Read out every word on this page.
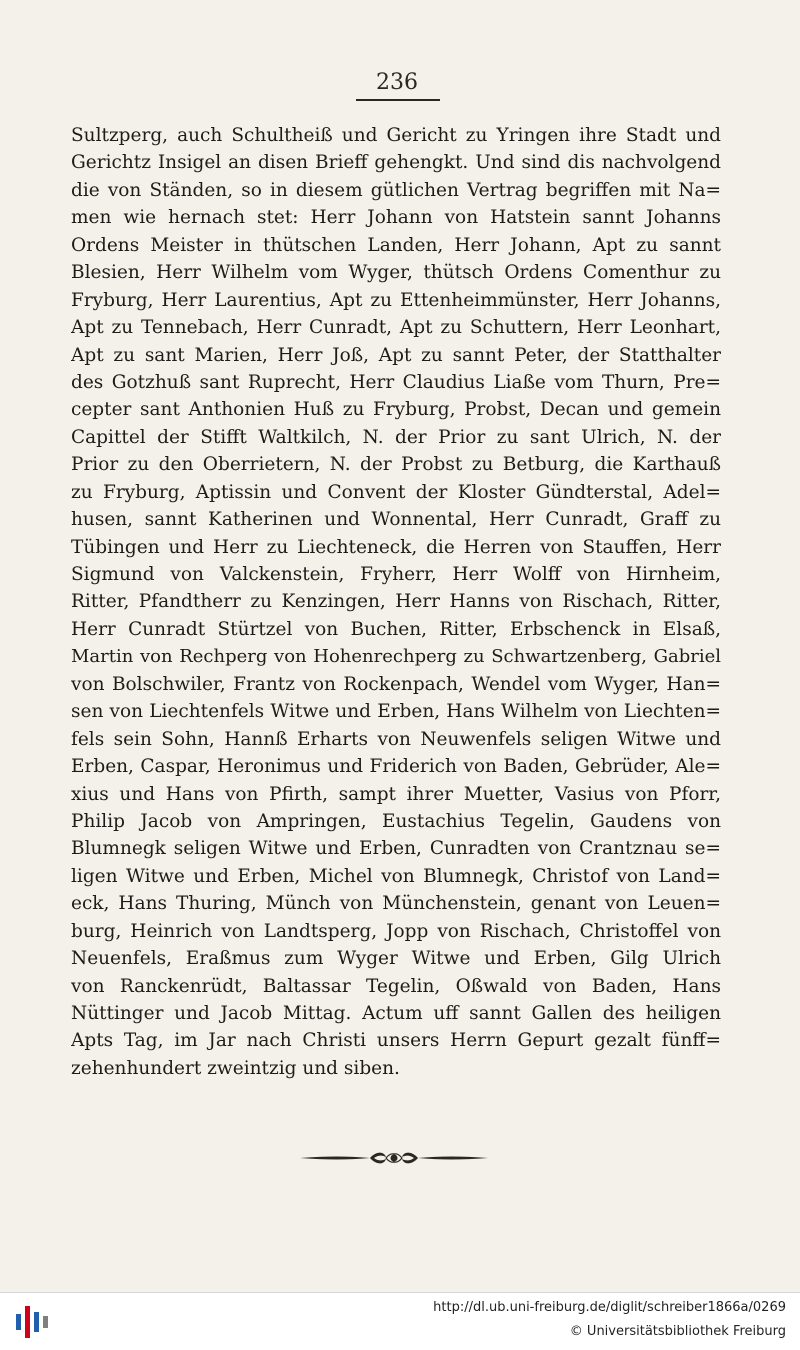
236
Sultzperg, auch Schultheiß und Gericht zu Yringen ihre Stadt und
Gerichtz Insigel an disen Brieff gehengkt. Und sind dis nachvolgend
die von Ständen, so in diesem gütlichen Vertrag begriffen mit Na=
men wie hernach stet: Herr Johann von Hatstein sannt Johanns
Ordens Meister in thütschen Landen, Herr Johann, Apt zu sannt
Blesien, Herr Wilhelm vom Wyger, thütsch Ordens Comenthur zu
Fryburg, Herr Laurentius, Apt zu Ettenheimmünster, Herr Johanns,
Apt zu Tennebach, Herr Cunradt, Apt zu Schuttern, Herr Leonhart,
Apt zu sant Marien, Herr Joß, Apt zu sannt Peter, der Statthalter
des Gotzhuß sant Ruprecht, Herr Claudius Liaße vom Thurn, Pre=
cepter sant Anthonien Huß zu Fryburg, Probst, Decan und gemein
Capittel der Stifft Waltkilch, N. der Prior zu sant Ulrich, N. der
Prior zu den Oberrietern, N. der Probst zu Betburg, die Karthauß
zu Fryburg, Aptissin und Convent der Kloster Gündterstal, Adel=
husen, sannt Katherinen und Wonnental, Herr Cunradt, Graff zu
Tübingen und Herr zu Liechteneck, die Herren von Stauffen, Herr
Sigmund von Valckenstein, Fryherr, Herr Wolff von Hirnheim,
Ritter, Pfandtherr zu Kenzingen, Herr Hanns von Rischach, Ritter,
Herr Cunradt Stürtzel von Buchen, Ritter, Erbschenck in Elsaß,
Martin von Rechperg von Hohenrechperg zu Schwartzenberg, Gabriel
von Bolschwiler, Frantz von Rockenpach, Wendel vom Wyger, Han=
sen von Liechtenfels Witwe und Erben, Hans Wilhelm von Liechten=
fels sein Sohn, Hannß Erharts von Neuwenfels seligen Witwe und
Erben, Caspar, Heronimus und Friderich von Baden, Gebrüder, Ale=
xius und Hans von Pfirth, sampt ihrer Muetter, Vasius von Pforr,
Philip Jacob von Ampringen, Eustachius Tegelin, Gaudens von
Blumnegk seligen Witwe und Erben, Cunradten von Crantznau se=
ligen Witwe und Erben, Michel von Blumnegk, Christof von Land=
eck, Hans Thuring, Münch von Münchenstein, genant von Leuen=
burg, Heinrich von Landtsperg, Jopp von Rischach, Christoffel von
Neuenfels, Eraßmus zum Wyger Witwe und Erben, Gilg Ulrich
von Ranckenrüdt, Baltassar Tegelin, Oßwald von Baden, Hans
Nüttinger und Jacob Mittag. Actum uff sannt Gallen des heiligen
Apts Tag, im Jar nach Christi unsers Herrn Gepurt gezalt fünff=
zehenhundert zweintzig und siben.
http://dl.ub.uni-freiburg.de/diglit/schreiber1866a/0269
© Universitätsbibliothek Freiburg
